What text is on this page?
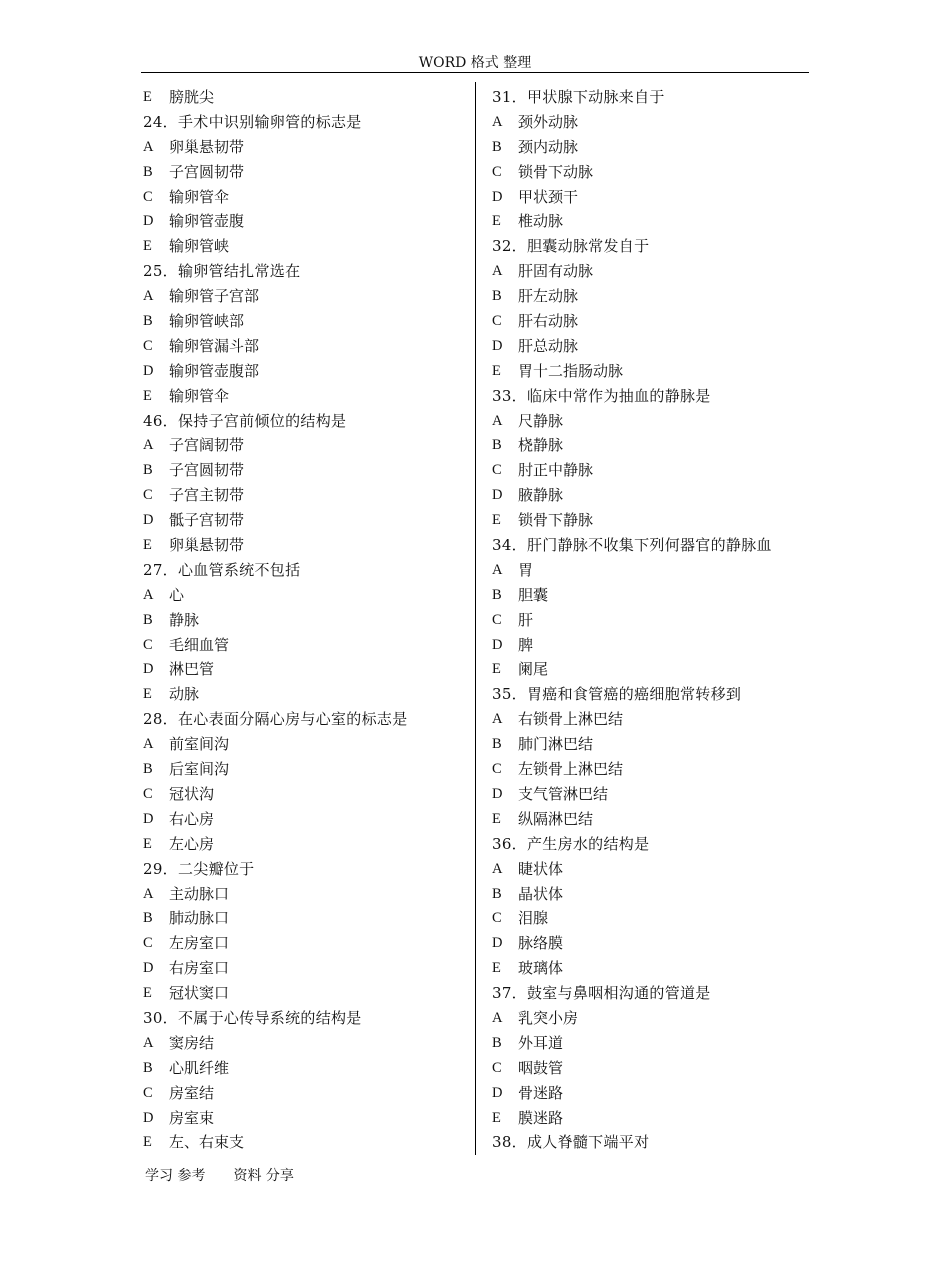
WORD 格式 整理
E	膀胱尖
24．手术中识别输卵管的标志是
A	卵巢悬韧带
B	子宫圆韧带
C	输卵管伞
D	输卵管壶腹
E	输卵管峡
25．输卵管结扎常选在
A	输卵管子宫部
B	输卵管峡部
C	输卵管漏斗部
D	输卵管壶腹部
E	输卵管伞
46．保持子宫前倾位的结构是
A	子宫阔韧带
B	子宫圆韧带
C	子宫主韧带
D	骶子宫韧带
E	卵巢悬韧带
27．心血管系统不包括
A	心
B	静脉
C	毛细血管
D	淋巴管
E	动脉
28．在心表面分隔心房与心室的标志是
A	前室间沟
B	后室间沟
C	冠状沟
D	右心房
E	左心房
29．二尖瓣位于
A	主动脉口
B	肺动脉口
C	左房室口
D	右房室口
E	冠状窦口
30．不属于心传导系统的结构是
A	窦房结
B	心肌纤维
C	房室结
D	房室束
E	左、右束支
31．甲状腺下动脉来自于
A	颈外动脉
B	颈内动脉
C	锁骨下动脉
D	甲状颈干
E	椎动脉
32．胆囊动脉常发自于
A	肝固有动脉
B	肝左动脉
C	肝右动脉
D	肝总动脉
E	胃十二指肠动脉
33．临床中常作为抽血的静脉是
A	尺静脉
B	桡静脉
C	肘正中静脉
D	腋静脉
E	锁骨下静脉
34．肝门静脉不收集下列何器官的静脉血
A	胃
B	胆囊
C	肝
D	脾
E	阑尾
35．胃癌和食管癌的癌细胞常转移到
A	右锁骨上淋巴结
B	肺门淋巴结
C	左锁骨上淋巴结
D	支气管淋巴结
E	纵隔淋巴结
36．产生房水的结构是
A	睫状体
B	晶状体
C	泪腺
D	脉络膜
E	玻璃体
37．鼓室与鼻咽相沟通的管道是
A	乳突小房
B	外耳道
C	咽鼓管
D	骨迷路
E	膜迷路
38．成人脊髓下端平对
学习 参考 资料 分享
